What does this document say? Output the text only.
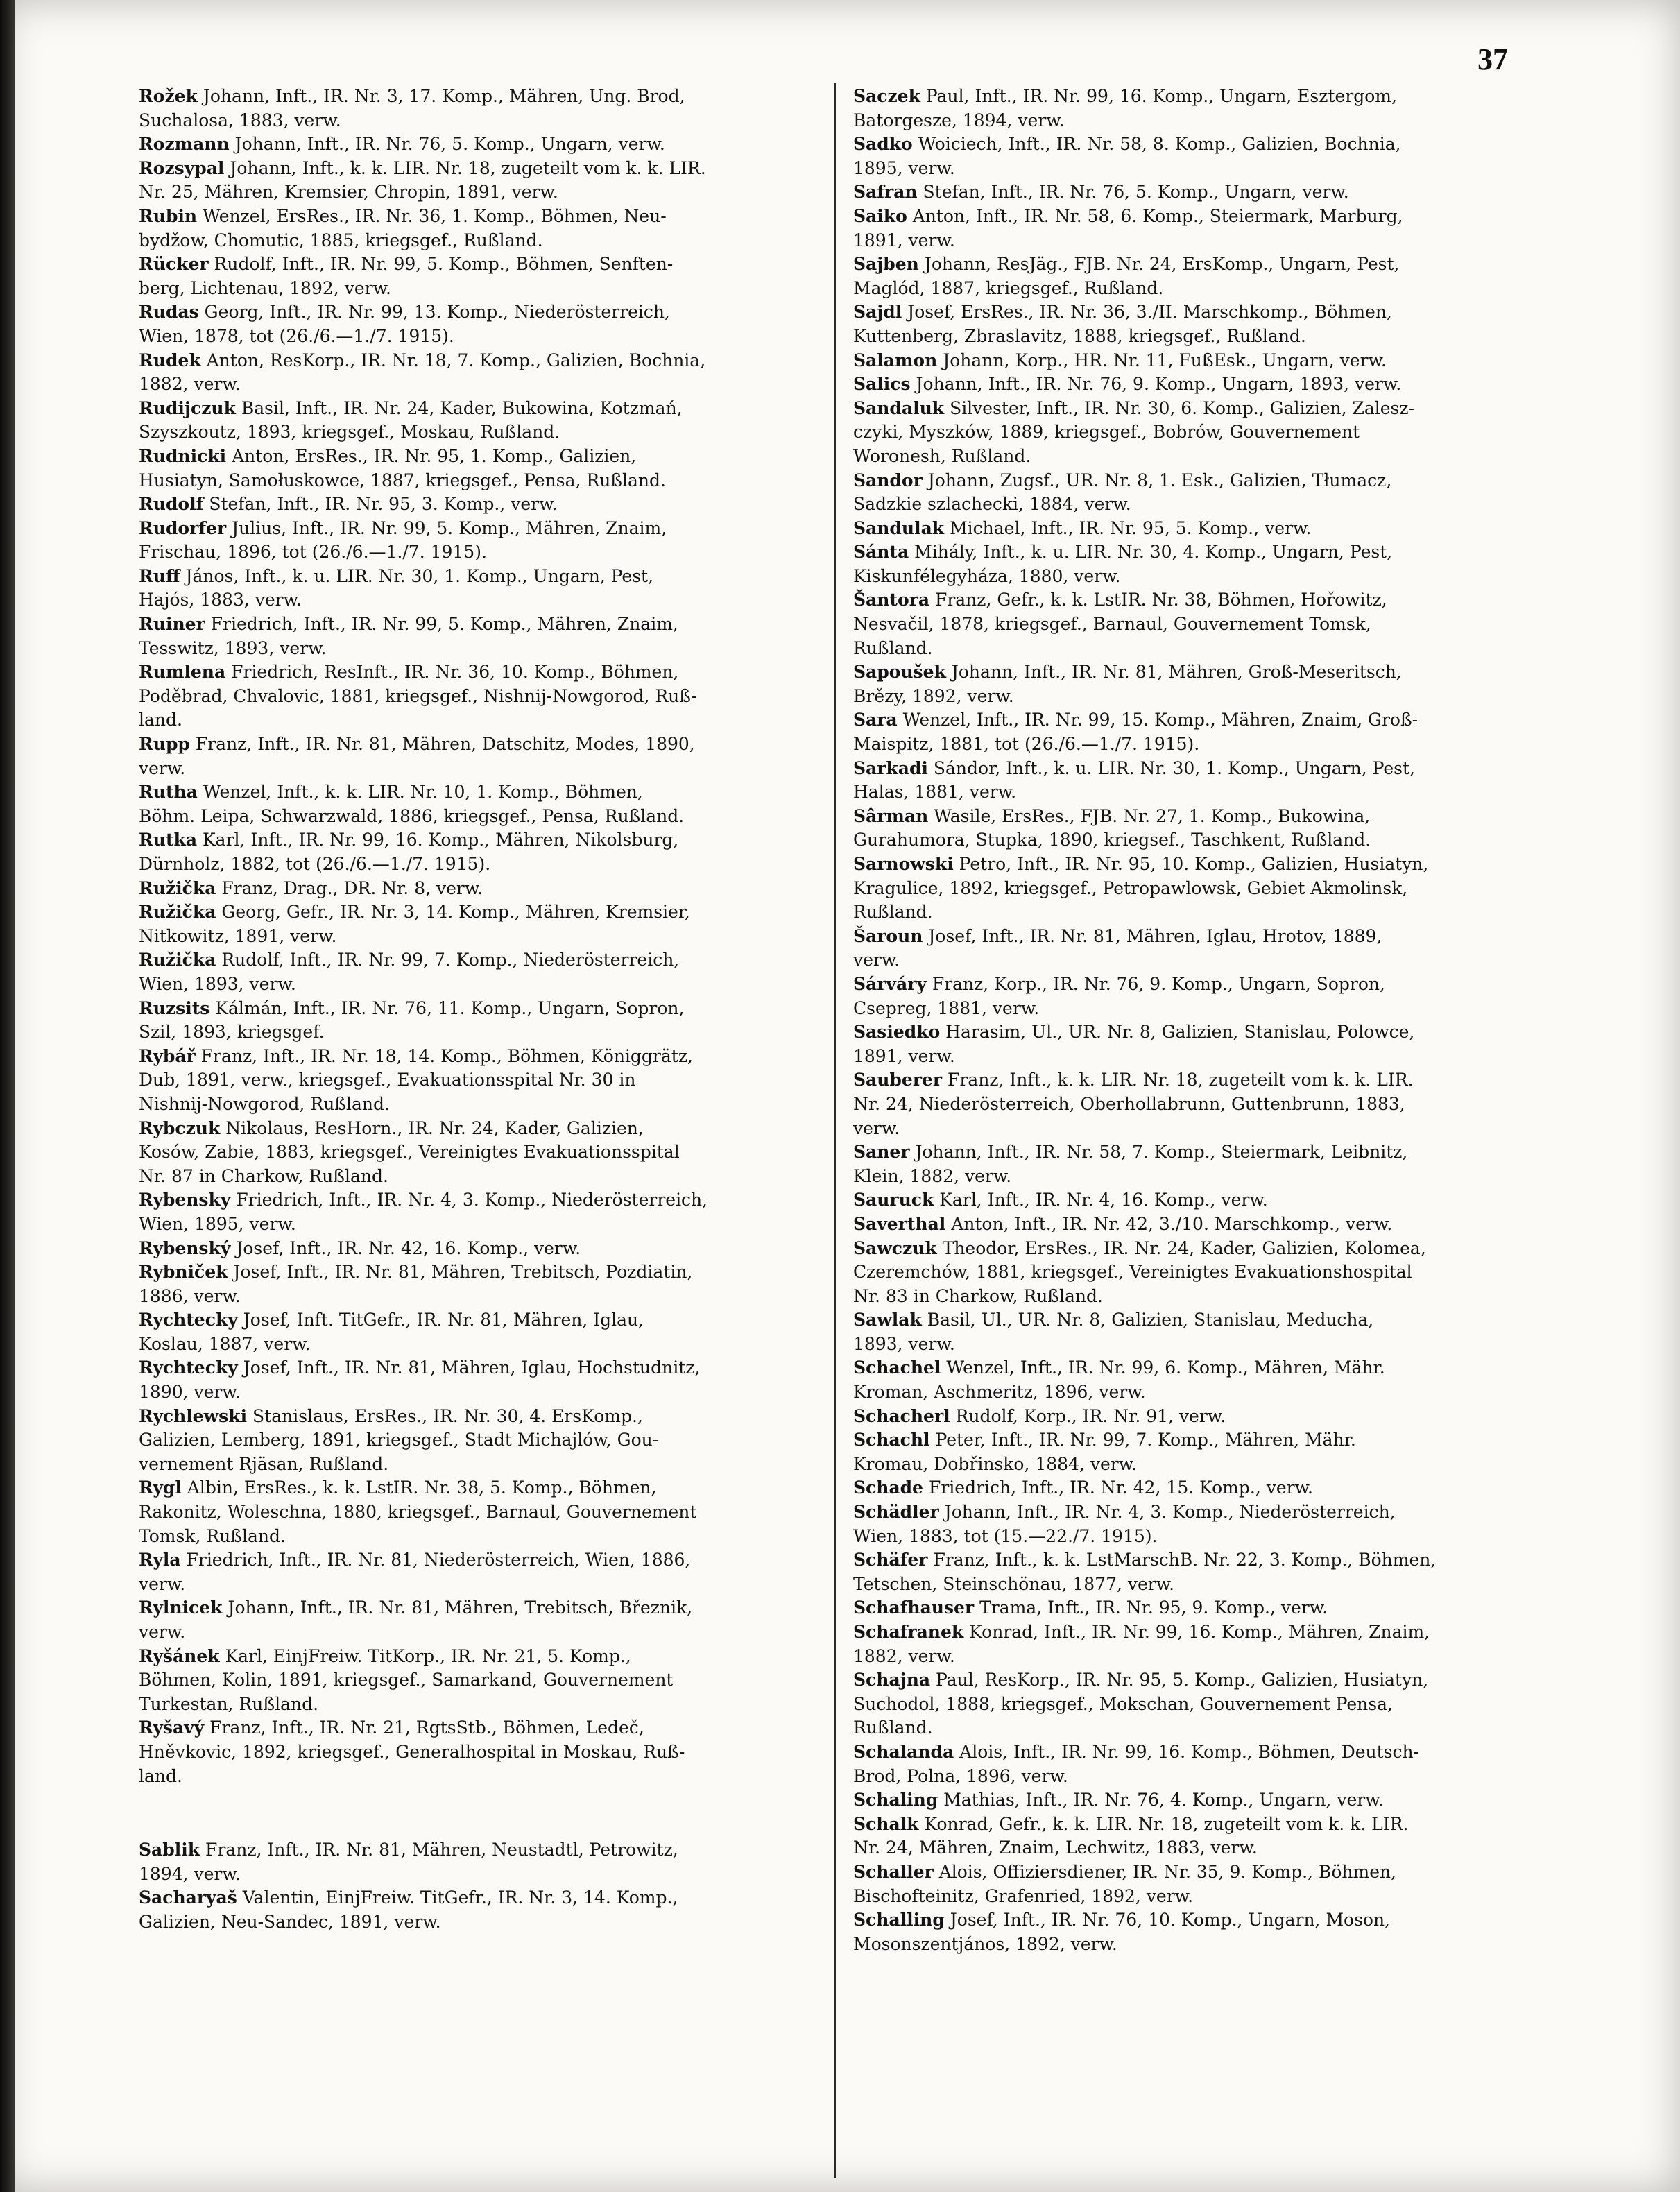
37
Rožek Johann, Inft., IR. Nr. 3, 17. Komp., Mähren, Ung. Brod,
Suchalosa, 1883, verw.
Rozmann Johann, Inft., IR. Nr. 76, 5. Komp., Ungarn, verw.
Rozsypal Johann, Inft., k. k. LIR. Nr. 18, zugeteilt vom k. k. LIR.
Nr. 25, Mähren, Kremsier, Chropin, 1891, verw.
Rubin Wenzel, ErsRes., IR. Nr. 36, 1. Komp., Böhmen, Neu-
bydžow, Chomutic, 1885, kriegsgef., Rußland.
Rücker Rudolf, Inft., IR. Nr. 99, 5. Komp., Böhmen, Senften-
berg, Lichtenau, 1892, verw.
Rudas Georg, Inft., IR. Nr. 99, 13. Komp., Niederösterreich,
Wien, 1878, tot (26./6.—1./7. 1915).
Rudek Anton, ResKorp., IR. Nr. 18, 7. Komp., Galizien, Bochnia,
1882, verw.
Rudijczuk Basil, Inft., IR. Nr. 24, Kader, Bukowina, Kotzmań,
Szyszkoutz, 1893, kriegsgef., Moskau, Rußland.
Rudnicki Anton, ErsRes., IR. Nr. 95, 1. Komp., Galizien,
Husiatyn, Samołuskowce, 1887, kriegsgef., Pensa, Rußland.
Rudolf Stefan, Inft., IR. Nr. 95, 3. Komp., verw.
Rudorfer Julius, Inft., IR. Nr. 99, 5. Komp., Mähren, Znaim,
Frischau, 1896, tot (26./6.—1./7. 1915).
Ruff János, Inft., k. u. LIR. Nr. 30, 1. Komp., Ungarn, Pest,
Hajós, 1883, verw.
Ruiner Friedrich, Inft., IR. Nr. 99, 5. Komp., Mähren, Znaim,
Tesswitz, 1893, verw.
Rumlena Friedrich, ResInft., IR. Nr. 36, 10. Komp., Böhmen,
Poděbrad, Chvalovic, 1881, kriegsgef., Nishnij-Nowgorod, Ruß-
land.
Rupp Franz, Inft., IR. Nr. 81, Mähren, Datschitz, Modes, 1890,
verw.
Rutha Wenzel, Inft., k. k. LIR. Nr. 10, 1. Komp., Böhmen,
Böhm. Leipa, Schwarzwald, 1886, kriegsgef., Pensa, Rußland.
Rutka Karl, Inft., IR. Nr. 99, 16. Komp., Mähren, Nikolsburg,
Dürnholz, 1882, tot (26./6.—1./7. 1915).
Ružička Franz, Drag., DR. Nr. 8, verw.
Ružička Georg, Gefr., IR. Nr. 3, 14. Komp., Mähren, Kremsier,
Nitkowitz, 1891, verw.
Ružička Rudolf, Inft., IR. Nr. 99, 7. Komp., Niederösterreich,
Wien, 1893, verw.
Ruzsits Kálmán, Inft., IR. Nr. 76, 11. Komp., Ungarn, Sopron,
Szil, 1893, kriegsgef.
Rybář Franz, Inft., IR. Nr. 18, 14. Komp., Böhmen, Königgrätz,
Dub, 1891, verw., kriegsgef., Evakuationsspital Nr. 30 in
Nishnij-Nowgorod, Rußland.
Rybczuk Nikolaus, ResHorn., IR. Nr. 24, Kader, Galizien,
Kosów, Zabie, 1883, kriegsgef., Vereinigtes Evakuationsspital
Nr. 87 in Charkow, Rußland.
Rybensky Friedrich, Inft., IR. Nr. 4, 3. Komp., Niederösterreich,
Wien, 1895, verw.
Rybenský Josef, Inft., IR. Nr. 42, 16. Komp., verw.
Rybniček Josef, Inft., IR. Nr. 81, Mähren, Trebitsch, Pozdiatin,
1886, verw.
Rychtecky Josef, Inft. TitGefr., IR. Nr. 81, Mähren, Iglau,
Koslau, 1887, verw.
Rychtecky Josef, Inft., IR. Nr. 81, Mähren, Iglau, Hochstudnitz,
1890, verw.
Rychlewski Stanislaus, ErsRes., IR. Nr. 30, 4. ErsKomp.,
Galizien, Lemberg, 1891, kriegsgef., Stadt Michajlów, Gou-
vernement Rjäsan, Rußland.
Rygl Albin, ErsRes., k. k. LstIR. Nr. 38, 5. Komp., Böhmen,
Rakonitz, Woleschna, 1880, kriegsgef., Barnaul, Gouvernement
Tomsk, Rußland.
Ryla Friedrich, Inft., IR. Nr. 81, Niederösterreich, Wien, 1886,
verw.
Rylnicek Johann, Inft., IR. Nr. 81, Mähren, Trebitsch, Březnik,
verw.
Ryšánek Karl, EinjFreiw. TitKorp., IR. Nr. 21, 5. Komp.,
Böhmen, Kolin, 1891, kriegsgef., Samarkand, Gouvernement
Turkestan, Rußland.
Ryšavý Franz, Inft., IR. Nr. 21, RgtsStb., Böhmen, Ledeč,
Hněvkovic, 1892, kriegsgef., Generalhospital in Moskau, Ruß-
land.
Sablik Franz, Inft., IR. Nr. 81, Mähren, Neustadtl, Petrowitz,
1894, verw.
Sacharyaš Valentin, EinjFreiw. TitGefr., IR. Nr. 3, 14. Komp.,
Galizien, Neu-Sandec, 1891, verw.
Saczek Paul, Inft., IR. Nr. 99, 16. Komp., Ungarn, Esztergom,
Batorgesze, 1894, verw.
Sadko Woiciech, Inft., IR. Nr. 58, 8. Komp., Galizien, Bochnia,
1895, verw.
Safran Stefan, Inft., IR. Nr. 76, 5. Komp., Ungarn, verw.
Saiko Anton, Inft., IR. Nr. 58, 6. Komp., Steiermark, Marburg,
1891, verw.
Sajben Johann, ResJäg., FJB. Nr. 24, ErsKomp., Ungarn, Pest,
Maglód, 1887, kriegsgef., Rußland.
Sajdl Josef, ErsRes., IR. Nr. 36, 3./II. Marschkomp., Böhmen,
Kuttenberg, Zbraslavitz, 1888, kriegsgef., Rußland.
Salamon Johann, Korp., HR. Nr. 11, FußEsk., Ungarn, verw.
Salics Johann, Inft., IR. Nr. 76, 9. Komp., Ungarn, 1893, verw.
Sandaluk Silvester, Inft., IR. Nr. 30, 6. Komp., Galizien, Zalesz-
czyki, Myszków, 1889, kriegsgef., Bobrów, Gouvernement
Woronesh, Rußland.
Sandor Johann, Zugsf., UR. Nr. 8, 1. Esk., Galizien, Tłumacz,
Sadzkie szlachecki, 1884, verw.
Sandulak Michael, Inft., IR. Nr. 95, 5. Komp., verw.
Sánta Mihály, Inft., k. u. LIR. Nr. 30, 4. Komp., Ungarn, Pest,
Kiskunfélegyháza, 1880, verw.
Šantora Franz, Gefr., k. k. LstIR. Nr. 38, Böhmen, Hořowitz,
Nesvačil, 1878, kriegsgef., Barnaul, Gouvernement Tomsk,
Rußland.
Sapoušek Johann, Inft., IR. Nr. 81, Mähren, Groß-Meseritsch,
Brězy, 1892, verw.
Sara Wenzel, Inft., IR. Nr. 99, 15. Komp., Mähren, Znaim, Groß-
Maispitz, 1881, tot (26./6.—1./7. 1915).
Sarkadi Sándor, Inft., k. u. LIR. Nr. 30, 1. Komp., Ungarn, Pest,
Halas, 1881, verw.
Sârman Wasile, ErsRes., FJB. Nr. 27, 1. Komp., Bukowina,
Gurahumora, Stupka, 1890, kriegsef., Taschkent, Rußland.
Sarnowski Petro, Inft., IR. Nr. 95, 10. Komp., Galizien, Husiatyn,
Kragulice, 1892, kriegsgef., Petropawlowsk, Gebiet Akmolinsk,
Rußland.
Šaroun Josef, Inft., IR. Nr. 81, Mähren, Iglau, Hrotov, 1889,
verw.
Sárváry Franz, Korp., IR. Nr. 76, 9. Komp., Ungarn, Sopron,
Csepreg, 1881, verw.
Sasiedko Harasim, Ul., UR. Nr. 8, Galizien, Stanislau, Polowce,
1891, verw.
Sauberer Franz, Inft., k. k. LIR. Nr. 18, zugeteilt vom k. k. LIR.
Nr. 24, Niederösterreich, Oberhollabrunn, Guttenbrunn, 1883,
verw.
Saner Johann, Inft., IR. Nr. 58, 7. Komp., Steiermark, Leibnitz,
Klein, 1882, verw.
Sauruck Karl, Inft., IR. Nr. 4, 16. Komp., verw.
Saverthal Anton, Inft., IR. Nr. 42, 3./10. Marschkomp., verw.
Sawczuk Theodor, ErsRes., IR. Nr. 24, Kader, Galizien, Kolomea,
Czeremchów, 1881, kriegsgef., Vereinigtes Evakuationshospital
Nr. 83 in Charkow, Rußland.
Sawlak Basil, Ul., UR. Nr. 8, Galizien, Stanislau, Meducha,
1893, verw.
Schachel Wenzel, Inft., IR. Nr. 99, 6. Komp., Mähren, Mähr.
Kroman, Aschmeritz, 1896, verw.
Schacherl Rudolf, Korp., IR. Nr. 91, verw.
Schachl Peter, Inft., IR. Nr. 99, 7. Komp., Mähren, Mähr.
Kromau, Dobřinsko, 1884, verw.
Schade Friedrich, Inft., IR. Nr. 42, 15. Komp., verw.
Schädler Johann, Inft., IR. Nr. 4, 3. Komp., Niederösterreich,
Wien, 1883, tot (15.—22./7. 1915).
Schäfer Franz, Inft., k. k. LstMarschB. Nr. 22, 3. Komp., Böhmen,
Tetschen, Steinschönau, 1877, verw.
Schafhauser Trama, Inft., IR. Nr. 95, 9. Komp., verw.
Schafranek Konrad, Inft., IR. Nr. 99, 16. Komp., Mähren, Znaim,
1882, verw.
Schajna Paul, ResKorp., IR. Nr. 95, 5. Komp., Galizien, Husiatyn,
Suchodol, 1888, kriegsgef., Mokschan, Gouvernement Pensa,
Rußland.
Schalanda Alois, Inft., IR. Nr. 99, 16. Komp., Böhmen, Deutsch-
Brod, Polna, 1896, verw.
Schaling Mathias, Inft., IR. Nr. 76, 4. Komp., Ungarn, verw.
Schalk Konrad, Gefr., k. k. LIR. Nr. 18, zugeteilt vom k. k. LIR.
Nr. 24, Mähren, Znaim, Lechwitz, 1883, verw.
Schaller Alois, Offiziersdiener, IR. Nr. 35, 9. Komp., Böhmen,
Bischofteinitz, Grafenried, 1892, verw.
Schalling Josef, Inft., IR. Nr. 76, 10. Komp., Ungarn, Moson,
Mosonszentjános, 1892, verw.
